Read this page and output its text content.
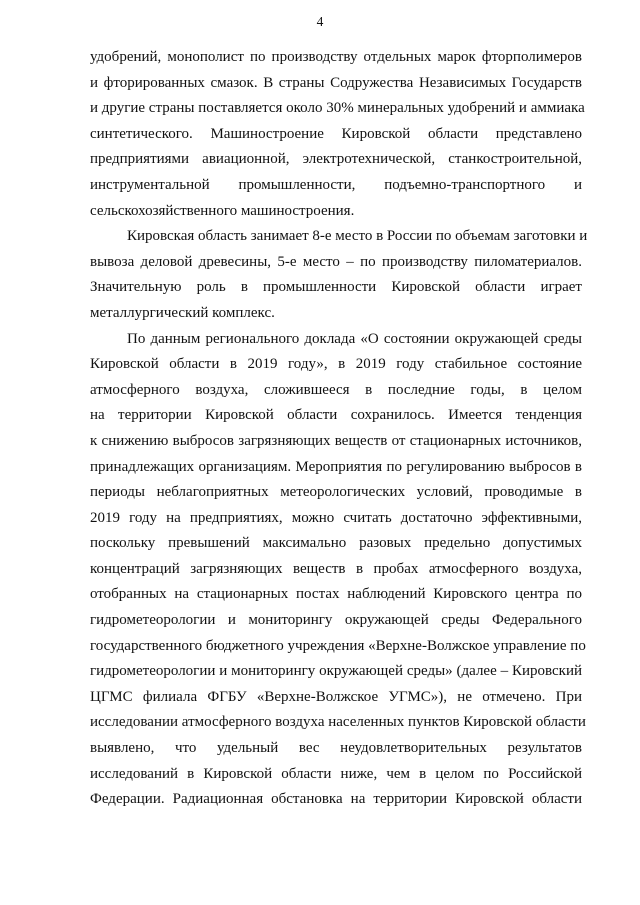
4

удобрений, монополист по производству отдельных марок фторполимеров
и фторированных смазок. В страны Содружества Независимых Государств
и другие страны поставляется около 30% минеральных удобрений и аммиака
синтетического. Машиностроение Кировской области представлено
предприятиями авиационной, электротехнической, станкостроительной,
инструментальной промышленности, подъемно-транспортного и
сельскохозяйственного машиностроения.

Кировская область занимает 8-е место в России по объемам заготовки и
вывоза деловой древесины, 5-е место – по производству пиломатериалов.
Значительную роль в промышленности Кировской области играет
металлургический комплекс.

По данным регионального доклада «О состоянии окружающей среды
Кировской области в 2019 году», в 2019 году стабильное состояние
атмосферного воздуха, сложившееся в последние годы, в целом
на территории Кировской области сохранилось. Имеется тенденция
к снижению выбросов загрязняющих веществ от стационарных источников,
принадлежащих организациям. Мероприятия по регулированию выбросов в
периоды неблагоприятных метеорологических условий, проводимые в
2019 году на предприятиях, можно считать достаточно эффективными,
поскольку превышений максимально разовых предельно допустимых
концентраций загрязняющих веществ в пробах атмосферного воздуха,
отобранных на стационарных постах наблюдений Кировского центра по
гидрометеорологии и мониторингу окружающей среды Федерального
государственного бюджетного учреждения «Верхне-Волжское управление по
гидрометеорологии и мониторингу окружающей среды» (далее – Кировский
ЦГМС филиала ФГБУ «Верхне-Волжское УГМС»), не отмечено. При
исследовании атмосферного воздуха населенных пунктов Кировской области
выявлено, что удельный вес неудовлетворительных результатов
исследований в Кировской области ниже, чем в целом по Российской
Федерации. Радиационная обстановка на территории Кировской области
